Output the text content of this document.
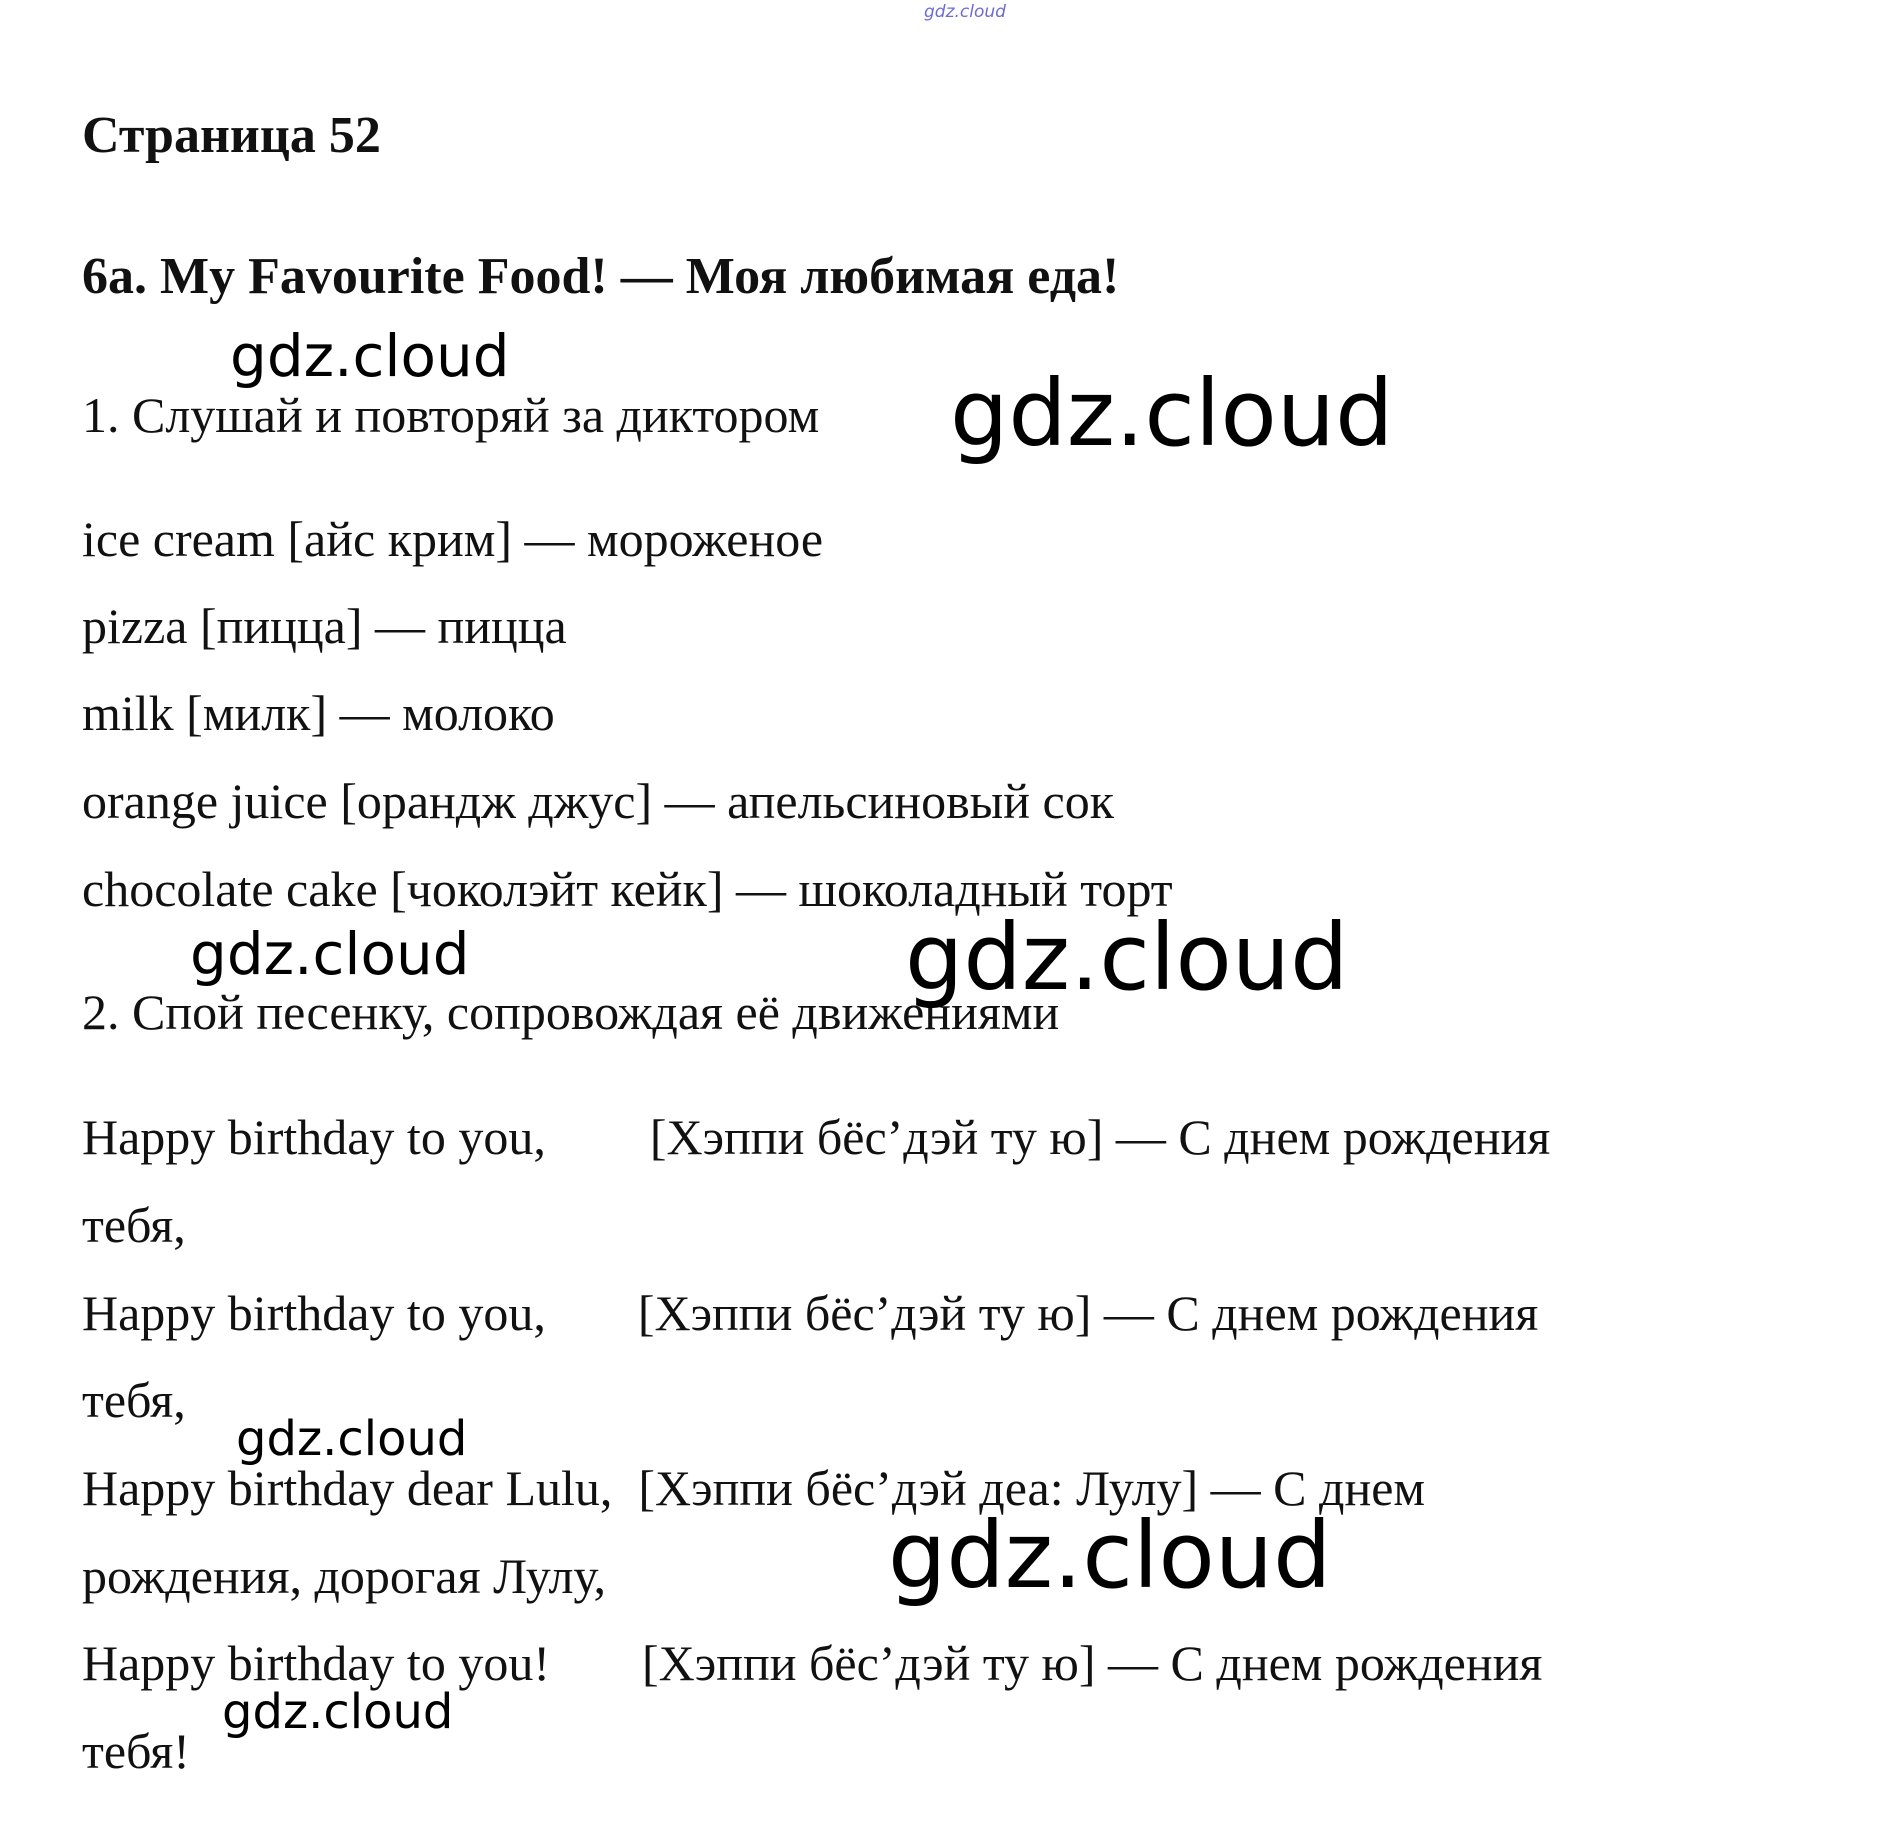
gdz.cloud
Страница 52
6a. My Favourite Food! — Моя любимая еда!
1. Слушай и повторяй за диктором
ice cream [айс крим] — мороженое
pizza [пицца] — пицца
milk [милк] — молоко
orange juice [орандж джус] — апельсиновый сок
chocolate cake [чоколэйт кейк] — шоколадный торт
2. Спой песенку, сопровождая её движениями
Happy birthday to you, [Хэппи бёс’дэй ту ю] — С днем рождения
тебя,
Happy birthday to you, [Хэппи бёс’дэй ту ю] — С днем рождения
тебя,
Happy birthday dear Lulu, [Хэппи бёс’дэй деа: Лулу] — С днем
рождения, дорогая Лулу,
Happy birthday to you! [Хэппи бёс’дэй ту ю] — С днем рождения
тебя!
gdz.cloud
gdz.cloud
gdz.cloud	gdz.cloud
gdz.cloud
gdz.cloud
gdz.cloud
